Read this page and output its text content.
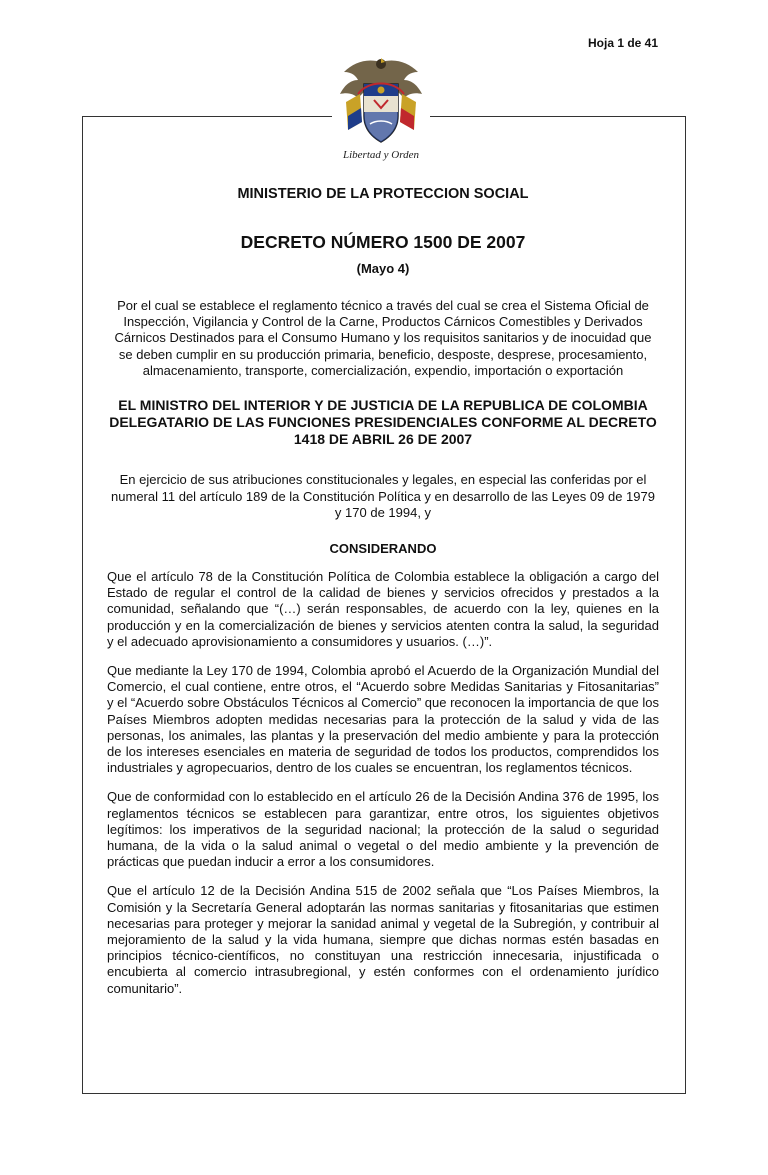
Hoja 1 de 41
Libertad y Orden

MINISTERIO DE LA PROTECCION SOCIAL

DECRETO NÚMERO 1500 DE 2007

(Mayo 4)

Por el cual se establece el reglamento técnico a través del cual se crea el Sistema Oficial de Inspección, Vigilancia y Control de la Carne, Productos Cárnicos Comestibles y Derivados Cárnicos Destinados para el Consumo Humano y los requisitos sanitarios y de inocuidad que se deben cumplir en su producción primaria, beneficio, desposte, desprese, procesamiento, almacenamiento, transporte, comercialización, expendio, importación o exportación

EL MINISTRO DEL INTERIOR Y DE JUSTICIA DE LA REPUBLICA DE COLOMBIA DELEGATARIO DE LAS FUNCIONES PRESIDENCIALES CONFORME AL DECRETO 1418 DE ABRIL 26 DE 2007

En ejercicio de sus atribuciones constitucionales y legales, en especial las conferidas por el numeral 11 del artículo 189 de la Constitución Política y en desarrollo de las Leyes 09 de 1979 y 170 de 1994, y

CONSIDERANDO

Que el artículo 78 de la Constitución Política de Colombia establece la obligación a cargo del Estado de regular el control de la calidad de bienes y servicios ofrecidos y prestados a la comunidad, señalando que “(…) serán responsables, de acuerdo con la ley, quienes en la producción y en la comercialización de bienes y servicios atenten contra la salud, la seguridad y el adecuado aprovisionamiento a consumidores y usuarios. (…)”.

Que mediante la Ley 170 de 1994, Colombia aprobó el Acuerdo de la Organización Mundial del Comercio, el cual contiene, entre otros, el “Acuerdo sobre Medidas Sanitarias y Fitosanitarias” y el “Acuerdo sobre Obstáculos Técnicos al Comercio” que reconocen la importancia de que los Países Miembros adopten medidas necesarias para la protección de la salud y vida de las personas, los animales, las plantas y la preservación del medio ambiente y para la protección de los intereses esenciales en materia de seguridad de todos los productos, comprendidos los industriales y agropecuarios, dentro de los cuales se encuentran, los reglamentos técnicos.

Que de conformidad con lo establecido en el artículo 26 de la Decisión Andina 376 de 1995, los reglamentos técnicos se establecen para garantizar, entre otros, los siguientes objetivos legítimos: los imperativos de la seguridad nacional; la protección de la salud o seguridad humana, de la vida o la salud animal o vegetal o del medio ambiente y la prevención de prácticas que puedan inducir a error a los consumidores.

Que el artículo 12 de la Decisión Andina 515 de 2002 señala que “Los Países Miembros, la Comisión y la Secretaría General adoptarán las normas sanitarias y fitosanitarias que estimen necesarias para proteger y mejorar la sanidad animal y vegetal de la Subregión, y contribuir al mejoramiento de la salud y la vida humana, siempre que dichas normas estén basadas en principios técnico-científicos, no constituyan una restricción innecesaria, injustificada o encubierta al comercio intrasubregional, y estén conformes con el ordenamiento jurídico comunitario”.
